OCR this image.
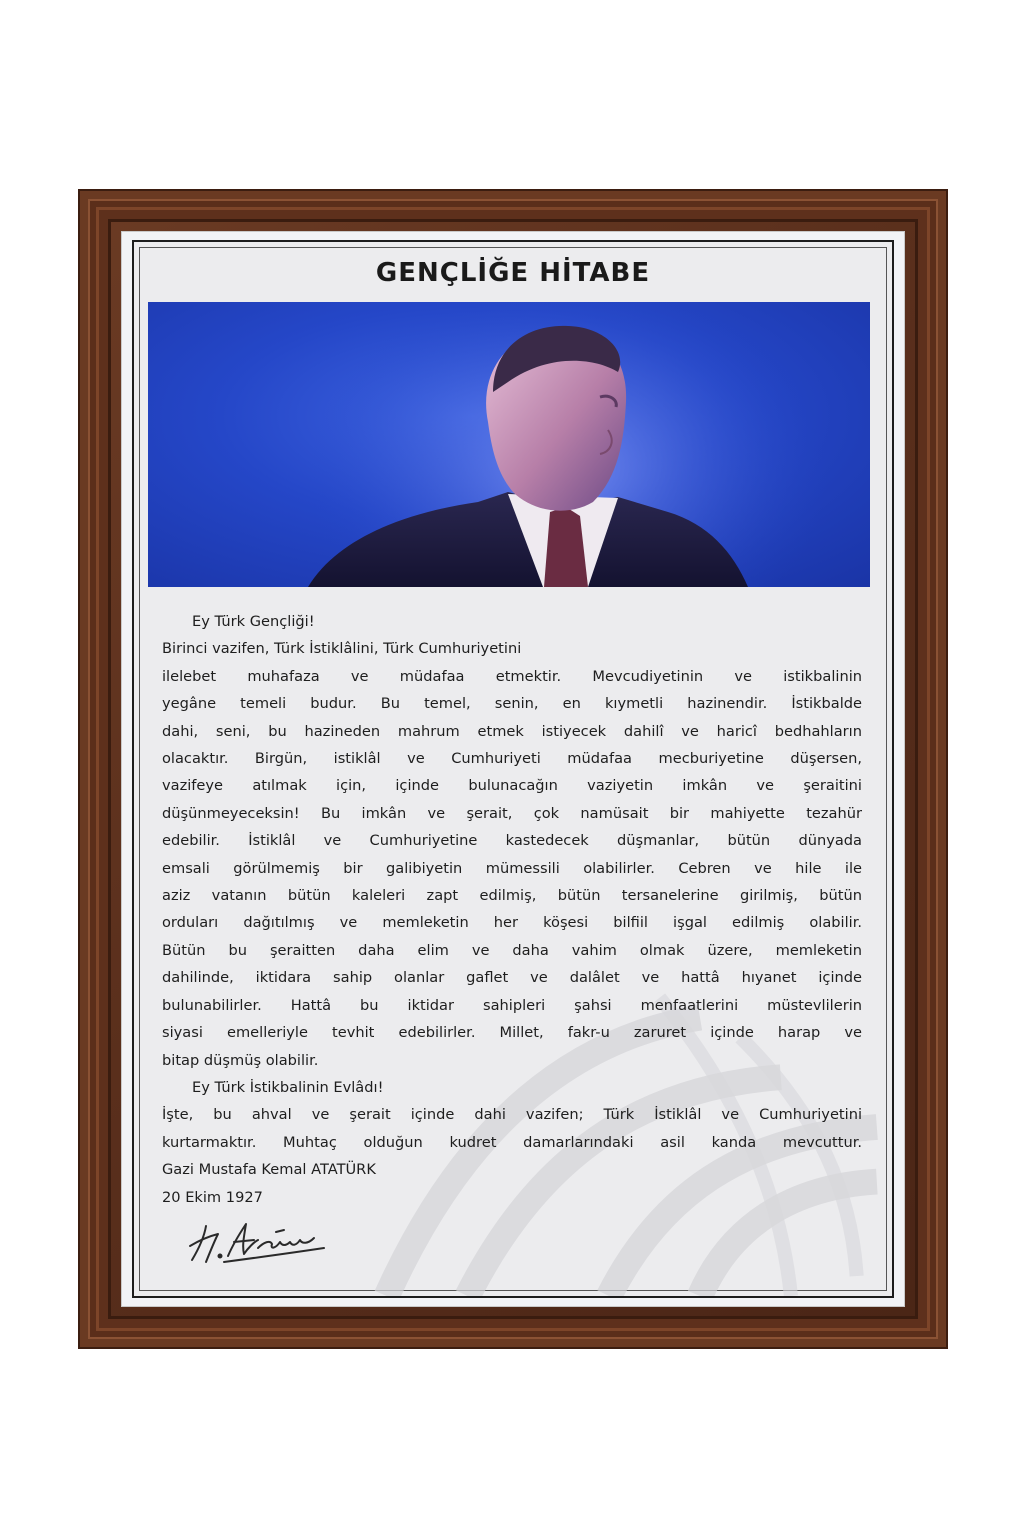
GENÇLİĞE HİTABE

Ey Türk Gençliği!

Birinci vazifen, Türk İstiklâlini, Türk Cumhuriyetini

ilelebet muhafaza ve müdafaa etmektir. Mevcudiyetinin ve istikbalinin

yegâne temeli budur. Bu temel, senin, en kıymetli hazinendir. İstikbalde

dahi, seni, bu hazineden mahrum etmek istiyecek dahilî ve haricî bedhahların

olacaktır. Birgün, istiklâl ve Cumhuriyeti müdafaa mecburiyetine düşersen,

vazifeye atılmak için, içinde bulunacağın vaziyetin imkân ve şeraitini

düşünmeyeceksin! Bu imkân ve şerait, çok namüsait bir mahiyette tezahür

edebilir. İstiklâl ve Cumhuriyetine kastedecek düşmanlar, bütün dünyada

emsali görülmemiş bir galibiyetin mümessili olabilirler. Cebren ve hile ile

aziz vatanın bütün kaleleri zapt edilmiş, bütün tersanelerine girilmiş, bütün

orduları dağıtılmış ve memleketin her köşesi bilfiil işgal edilmiş olabilir.

Bütün bu şeraitten daha elim ve daha vahim olmak üzere, memleketin

dahilinde, iktidara sahip olanlar gaflet ve dalâlet ve hattâ hıyanet içinde

bulunabilirler. Hattâ bu iktidar sahipleri şahsi menfaatlerini müstevlilerin

siyasi emelleriyle tevhit edebilirler. Millet, fakr-u zaruret içinde harap ve

bitap düşmüş olabilir.

Ey Türk İstikbalinin Evlâdı!

İşte, bu ahval ve şerait içinde dahi vazifen; Türk İstiklâl ve Cumhuriyetini

kurtarmaktır. Muhtaç olduğun kudret damarlarındaki asil kanda mevcuttur.

Gazi Mustafa Kemal ATATÜRK

20 Ekim 1927
